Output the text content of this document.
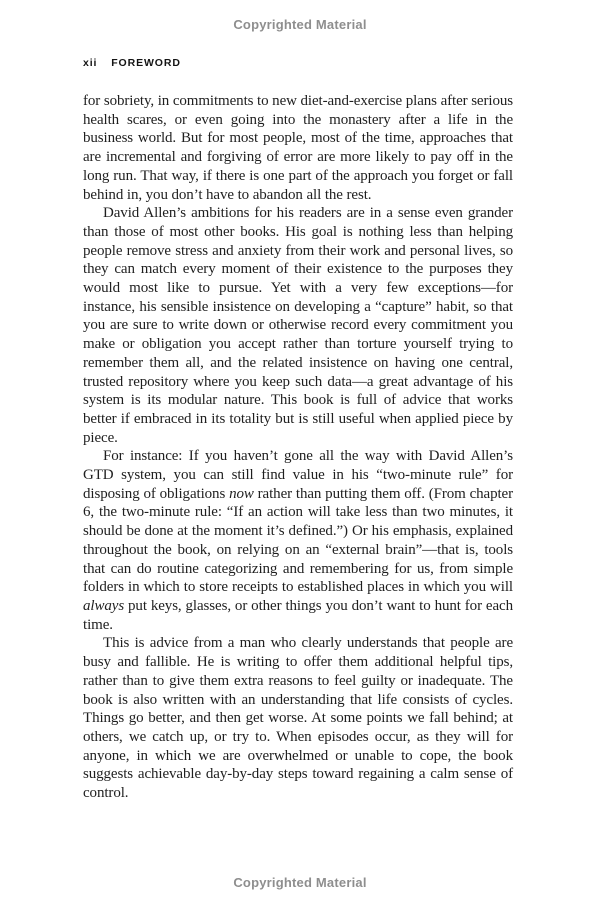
Copyrighted Material
xii FOREWORD

for sobriety, in commitments to new diet-and-exercise plans after serious health scares, or even going into the monastery after a life in the business world. But for most people, most of the time, approaches that are incremental and forgiving of error are more likely to pay off in the long run. That way, if there is one part of the approach you forget or fall behind in, you don’t have to abandon all the rest.

David Allen’s ambitions for his readers are in a sense even grander than those of most other books. His goal is nothing less than helping people remove stress and anxiety from their work and personal lives, so they can match every moment of their existence to the purposes they would most like to pursue. Yet with a very few exceptions—for instance, his sensible insistence on developing a “capture” habit, so that you are sure to write down or otherwise record every commitment you make or obligation you accept rather than torture yourself trying to remember them all, and the related insistence on having one central, trusted repository where you keep such data—a great advantage of his system is its modular nature. This book is full of advice that works better if embraced in its totality but is still useful when applied piece by piece.

For instance: If you haven’t gone all the way with David Allen’s GTD system, you can still find value in his “two-minute rule” for disposing of obligations now rather than putting them off. (From chapter 6, the two-minute rule: “If an action will take less than two minutes, it should be done at the moment it’s defined.”) Or his emphasis, explained throughout the book, on relying on an “external brain”—that is, tools that can do routine categorizing and remembering for us, from simple folders in which to store receipts to established places in which you will always put keys, glasses, or other things you don’t want to hunt for each time.

This is advice from a man who clearly understands that people are busy and fallible. He is writing to offer them additional helpful tips, rather than to give them extra reasons to feel guilty or inadequate. The book is also written with an understanding that life consists of cycles. Things go better, and then get worse. At some points we fall behind; at others, we catch up, or try to. When episodes occur, as they will for anyone, in which we are overwhelmed or unable to cope, the book suggests achievable day-by-day steps toward regaining a calm sense of control.

Copyrighted Material
